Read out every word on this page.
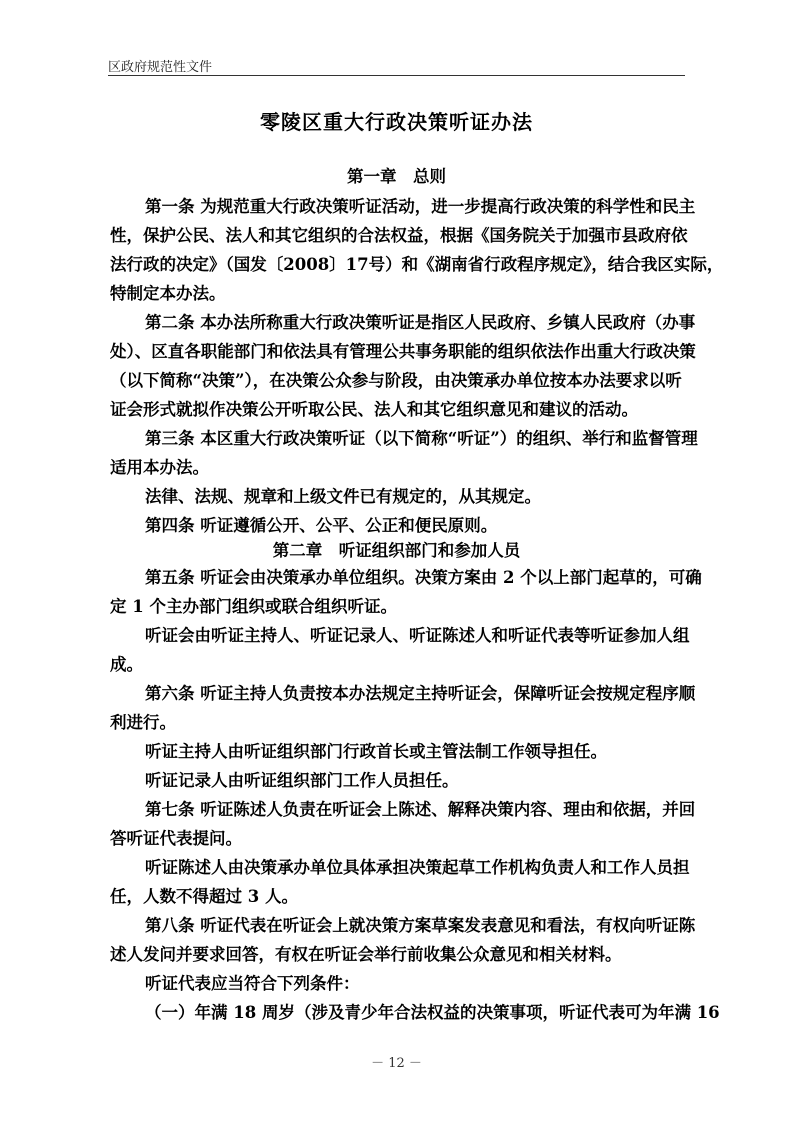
区政府规范性文件
零陵区重大行政决策听证办法
第一章　总则
第一条 为规范重大行政决策听证活动，进一步提高行政决策的科学性和民主
性，保护公民、法人和其它组织的合法权益，根据《国务院关于加强市县政府依
法行政的决定》（国发〔2008〕17号）和《湖南省行政程序规定》，结合我区实际，
特制定本办法。
第二条 本办法所称重大行政决策听证是指区人民政府、乡镇人民政府（办事
处）、区直各职能部门和依法具有管理公共事务职能的组织依法作出重大行政决策
（以下简称“决策”），在决策公众参与阶段，由决策承办单位按本办法要求以听
证会形式就拟作决策公开听取公民、法人和其它组织意见和建议的活动。
第三条 本区重大行政决策听证（以下简称“听证”）的组织、举行和监督管理
适用本办法。
法律、法规、规章和上级文件已有规定的，从其规定。
第四条 听证遵循公开、公平、公正和便民原则。
第二章　听证组织部门和参加人员
第五条 听证会由决策承办单位组织。决策方案由 2 个以上部门起草的，可确
定 1 个主办部门组织或联合组织听证。
听证会由听证主持人、听证记录人、听证陈述人和听证代表等听证参加人组
成。
第六条 听证主持人负责按本办法规定主持听证会，保障听证会按规定程序顺
利进行。
听证主持人由听证组织部门行政首长或主管法制工作领导担任。
听证记录人由听证组织部门工作人员担任。
第七条 听证陈述人负责在听证会上陈述、解释决策内容、理由和依据，并回
答听证代表提问。
听证陈述人由决策承办单位具体承担决策起草工作机构负责人和工作人员担
任，人数不得超过 3 人。
第八条 听证代表在听证会上就决策方案草案发表意见和看法，有权向听证陈
述人发问并要求回答，有权在听证会举行前收集公众意见和相关材料。
听证代表应当符合下列条件：
（一）年满 18 周岁（涉及青少年合法权益的决策事项，听证代表可为年满 16
－ 12 －
